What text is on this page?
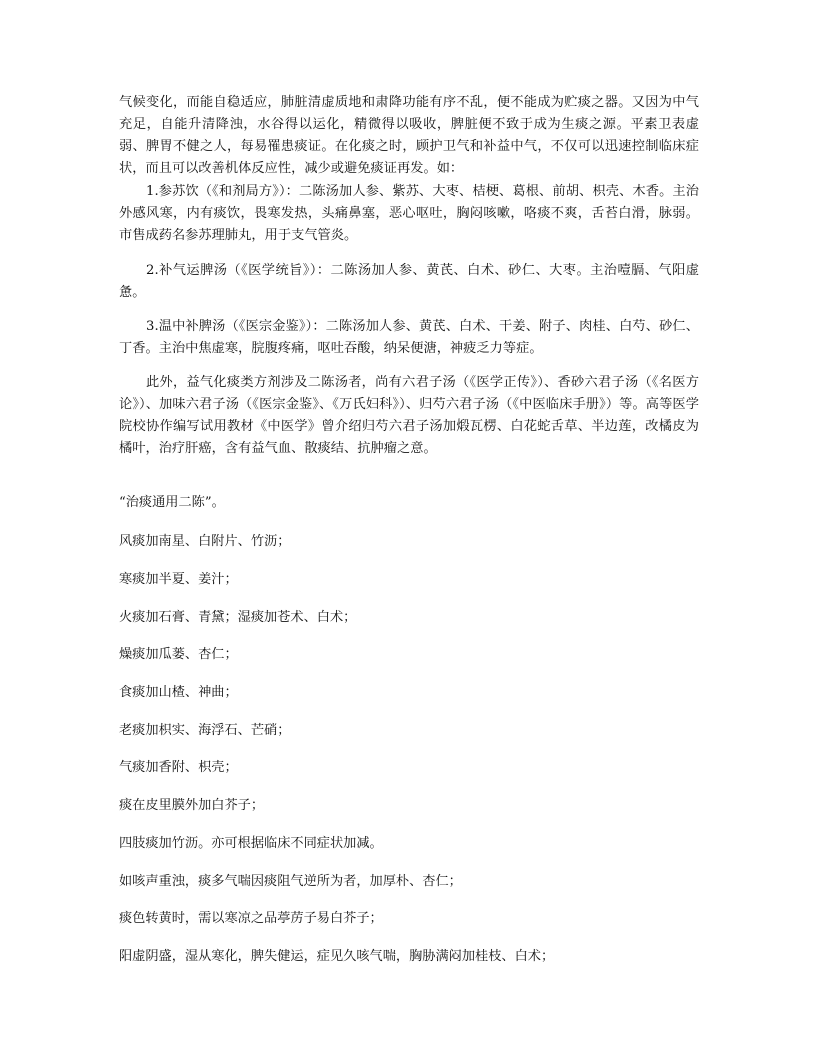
气候变化，而能自稳适应，肺脏清虚质地和肃降功能有序不乱，便不能成为贮痰之器。又因为中气充足，自能升清降浊，水谷得以运化，精微得以吸收，脾脏便不致于成为生痰之源。平素卫表虚弱、脾胃不健之人，每易罹患痰证。在化痰之时，顾护卫气和补益中气，不仅可以迅速控制临床症状，而且可以改善机体反应性，减少或避免痰证再发。如：

1.参苏饮（《和剂局方》）：二陈汤加人参、紫苏、大枣、桔梗、葛根、前胡、枳壳、木香。主治外感风寒，内有痰饮，畏寒发热，头痛鼻塞，恶心呕吐，胸闷咳嗽，咯痰不爽，舌苔白滑，脉弱。市售成药名参苏理肺丸，用于支气管炎。

2.补气运脾汤（《医学统旨》）：二陈汤加人参、黄芪、白术、砂仁、大枣。主治噎膈、气阳虚惫。

3.温中补脾汤（《医宗金鉴》）：二陈汤加人参、黄芪、白术、干姜、附子、肉桂、白芍、砂仁、丁香。主治中焦虚寒，脘腹疼痛，呕吐吞酸，纳呆便溏，神疲乏力等症。

此外，益气化痰类方剂涉及二陈汤者，尚有六君子汤（《医学正传》）、香砂六君子汤（《名医方论》）、加味六君子汤（《医宗金鉴》、《万氏妇科》）、归芍六君子汤（《中医临床手册》）等。高等医学院校协作编写试用教材《中医学》曾介绍归芍六君子汤加煅瓦楞、白花蛇舌草、半边莲，改橘皮为橘叶，治疗肝癌，含有益气血、散痰结、抗肿瘤之意。

“治痰通用二陈”。

风痰加南星、白附片、竹沥；

寒痰加半夏、姜汁；

火痰加石膏、青黛；湿痰加苍术、白术；

燥痰加瓜蒌、杏仁；

食痰加山楂、神曲；

老痰加枳实、海浮石、芒硝；

气痰加香附、枳壳；

痰在皮里膜外加白芥子；

四肢痰加竹沥。亦可根据临床不同症状加减。

如咳声重浊，痰多气喘因痰阻气逆所为者，加厚朴、杏仁；

痰色转黄时，需以寒凉之品葶苈子易白芥子；

阳虚阴盛，湿从寒化，脾失健运，症见久咳气喘，胸胁满闷加桂枝、白术；
